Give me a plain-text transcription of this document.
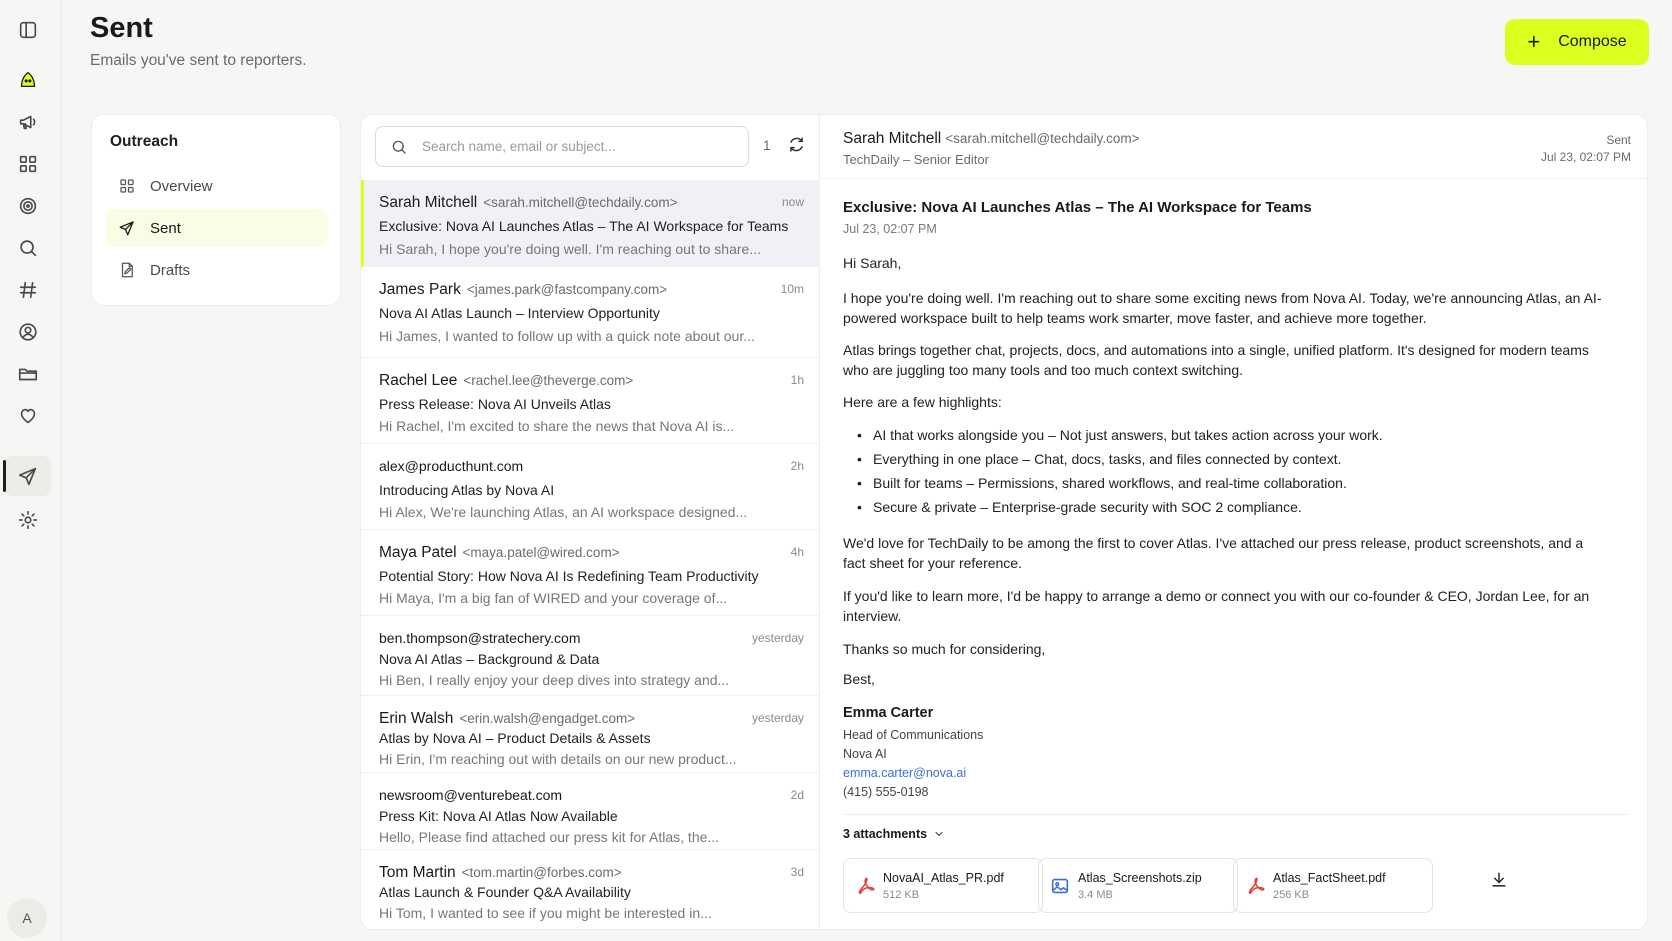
A
Sent
Emails you've sent to reporters.
+ Compose
Outreach
Overview
Sent
Drafts
Search name, email or subject...
1
Sarah Mitchell <sarah.mitchell@techdaily.com>	now
Exclusive: Nova AI Launches Atlas – The AI Workspace for Teams
Hi Sarah, I hope you're doing well. I'm reaching out to share...
James Park <james.park@fastcompany.com>	10m
Nova AI Atlas Launch – Interview Opportunity
Hi James, I wanted to follow up with a quick note about our...
Rachel Lee <rachel.lee@theverge.com>	1h
Press Release: Nova AI Unveils Atlas
Hi Rachel, I'm excited to share the news that Nova AI is...
alex@producthunt.com	2h
Introducing Atlas by Nova AI
Hi Alex, We're launching Atlas, an AI workspace designed...
Maya Patel <maya.patel@wired.com>	4h
Potential Story: How Nova AI Is Redefining Team Productivity
Hi Maya, I'm a big fan of WIRED and your coverage of...
ben.thompson@stratechery.com	yesterday
Nova AI Atlas – Background & Data
Hi Ben, I really enjoy your deep dives into strategy and...
Erin Walsh <erin.walsh@engadget.com>	yesterday
Atlas by Nova AI – Product Details & Assets
Hi Erin, I'm reaching out with details on our new product...
newsroom@venturebeat.com	2d
Press Kit: Nova AI Atlas Now Available
Hello, Please find attached our press kit for Atlas, the...
Tom Martin <tom.martin@forbes.com>	3d
Atlas Launch & Founder Q&A Availability
Hi Tom, I wanted to see if you might be interested in...
Sarah Mitchell <sarah.mitchell@techdaily.com>
TechDaily – Senior Editor
Sent
Jul 23, 02:07 PM
Exclusive: Nova AI Launches Atlas – The AI Workspace for Teams
Jul 23, 02:07 PM
Hi Sarah,
I hope you're doing well. I'm reaching out to share some exciting news from Nova AI. Today, we're announcing Atlas, an AI-powered workspace built to help teams work smarter, move faster, and achieve more together.
Atlas brings together chat, projects, docs, and automations into a single, unified platform. It's designed for modern teams who are juggling too many tools and too much context switching.
Here are a few highlights:
• AI that works alongside you – Not just answers, but takes action across your work.
• Everything in one place – Chat, docs, tasks, and files connected by context.
• Built for teams – Permissions, shared workflows, and real-time collaboration.
• Secure & private – Enterprise-grade security with SOC 2 compliance.
We'd love for TechDaily to be among the first to cover Atlas. I've attached our press release, product screenshots, and a fact sheet for your reference.
If you'd like to learn more, I'd be happy to arrange a demo or connect you with our co-founder & CEO, Jordan Lee, for an interview.
Thanks so much for considering,
Best,
Emma Carter
Head of Communications
Nova AI
emma.carter@nova.ai
(415) 555-0198
3 attachments
NovaAI_Atlas_PR.pdf
512 KB
Atlas_Screenshots.zip
3.4 MB
Atlas_FactSheet.pdf
256 KB
